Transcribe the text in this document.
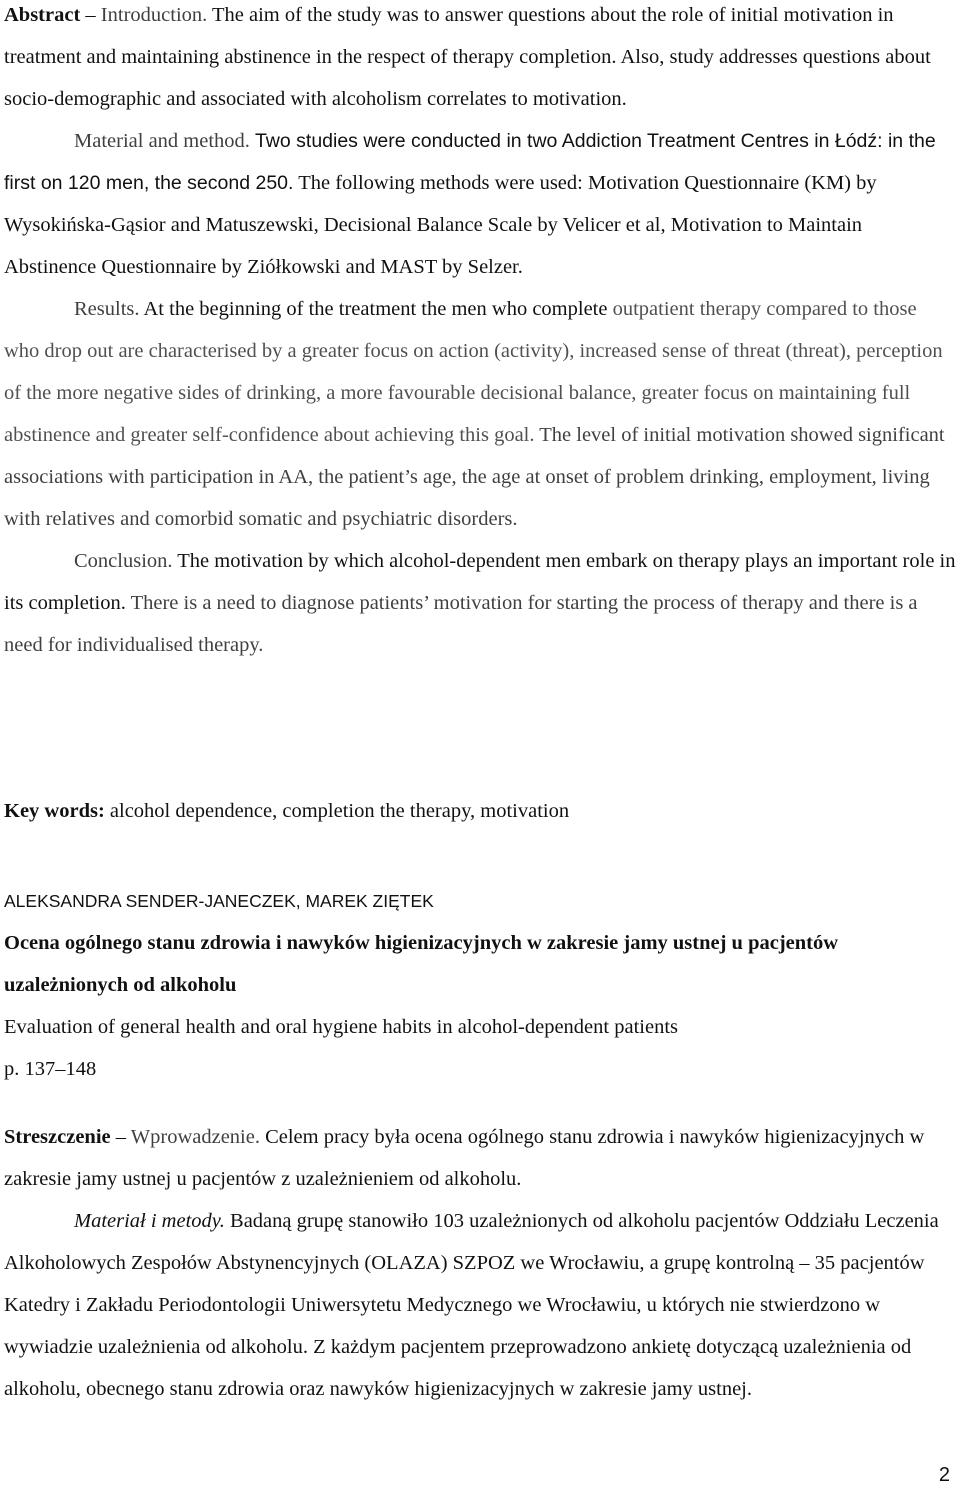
Abstract – Introduction. The aim of the study was to answer questions about the role of initial motivation in treatment and maintaining abstinence in the respect of therapy completion. Also, study addresses questions about socio-demographic and associated with alcoholism correlates to motivation.

Material and method. Two studies were conducted in two Addiction Treatment Centres in Łódź: in the first on 120 men, the second 250. The following methods were used: Motivation Questionnaire (KM) by Wysokińska-Gąsior and Matuszewski, Decisional Balance Scale by Velicer et al, Motivation to Maintain Abstinence Questionnaire by Ziółkowski and MAST by Selzer.

Results. At the beginning of the treatment the men who complete outpatient therapy compared to those who drop out are characterised by a greater focus on action (activity), increased sense of threat (threat), perception of the more negative sides of drinking, a more favourable decisional balance, greater focus on maintaining full abstinence and greater self-confidence about achieving this goal. The level of initial motivation showed significant associations with participation in AA, the patient’s age, the age at onset of problem drinking, employment, living with relatives and comorbid somatic and psychiatric disorders.

Conclusion. The motivation by which alcohol-dependent men embark on therapy plays an important role in its completion. There is a need to diagnose patients’ motivation for starting the process of therapy and there is a need for individualised therapy.

Key words: alcohol dependence, completion the therapy, motivation

ALEKSANDRA SENDER-JANECZEK, MAREK ZIĘTEK

Ocena ogólnego stanu zdrowia i nawyków higienizacyjnych w zakresie jamy ustnej u pacjentów uzależnionych od alkoholu

Evaluation of general health and oral hygiene habits in alcohol-dependent patients

p. 137–148

Streszczenie – Wprowadzenie. Celem pracy była ocena ogólnego stanu zdrowia i nawyków higienizacyjnych w zakresie jamy ustnej u pacjentów z uzależnieniem od alkoholu.

Materiał i metody. Badaną grupę stanowiło 103 uzależnionych od alkoholu pacjentów Oddziału Leczenia Alkoholowych Zespołów Abstynencyjnych (OLAZA) SZPOZ we Wrocławiu, a grupę kontrolną – 35 pacjentów Katedry i Zakładu Periodontologii Uniwersytetu Medycznego we Wrocławiu, u których nie stwierdzono w wywiadzie uzależnienia od alkoholu. Z każdym pacjentem przeprowadzono ankietę dotyczącą uzależnienia od alkoholu, obecnego stanu zdrowia oraz nawyków higienizacyjnych w zakresie jamy ustnej.

2
